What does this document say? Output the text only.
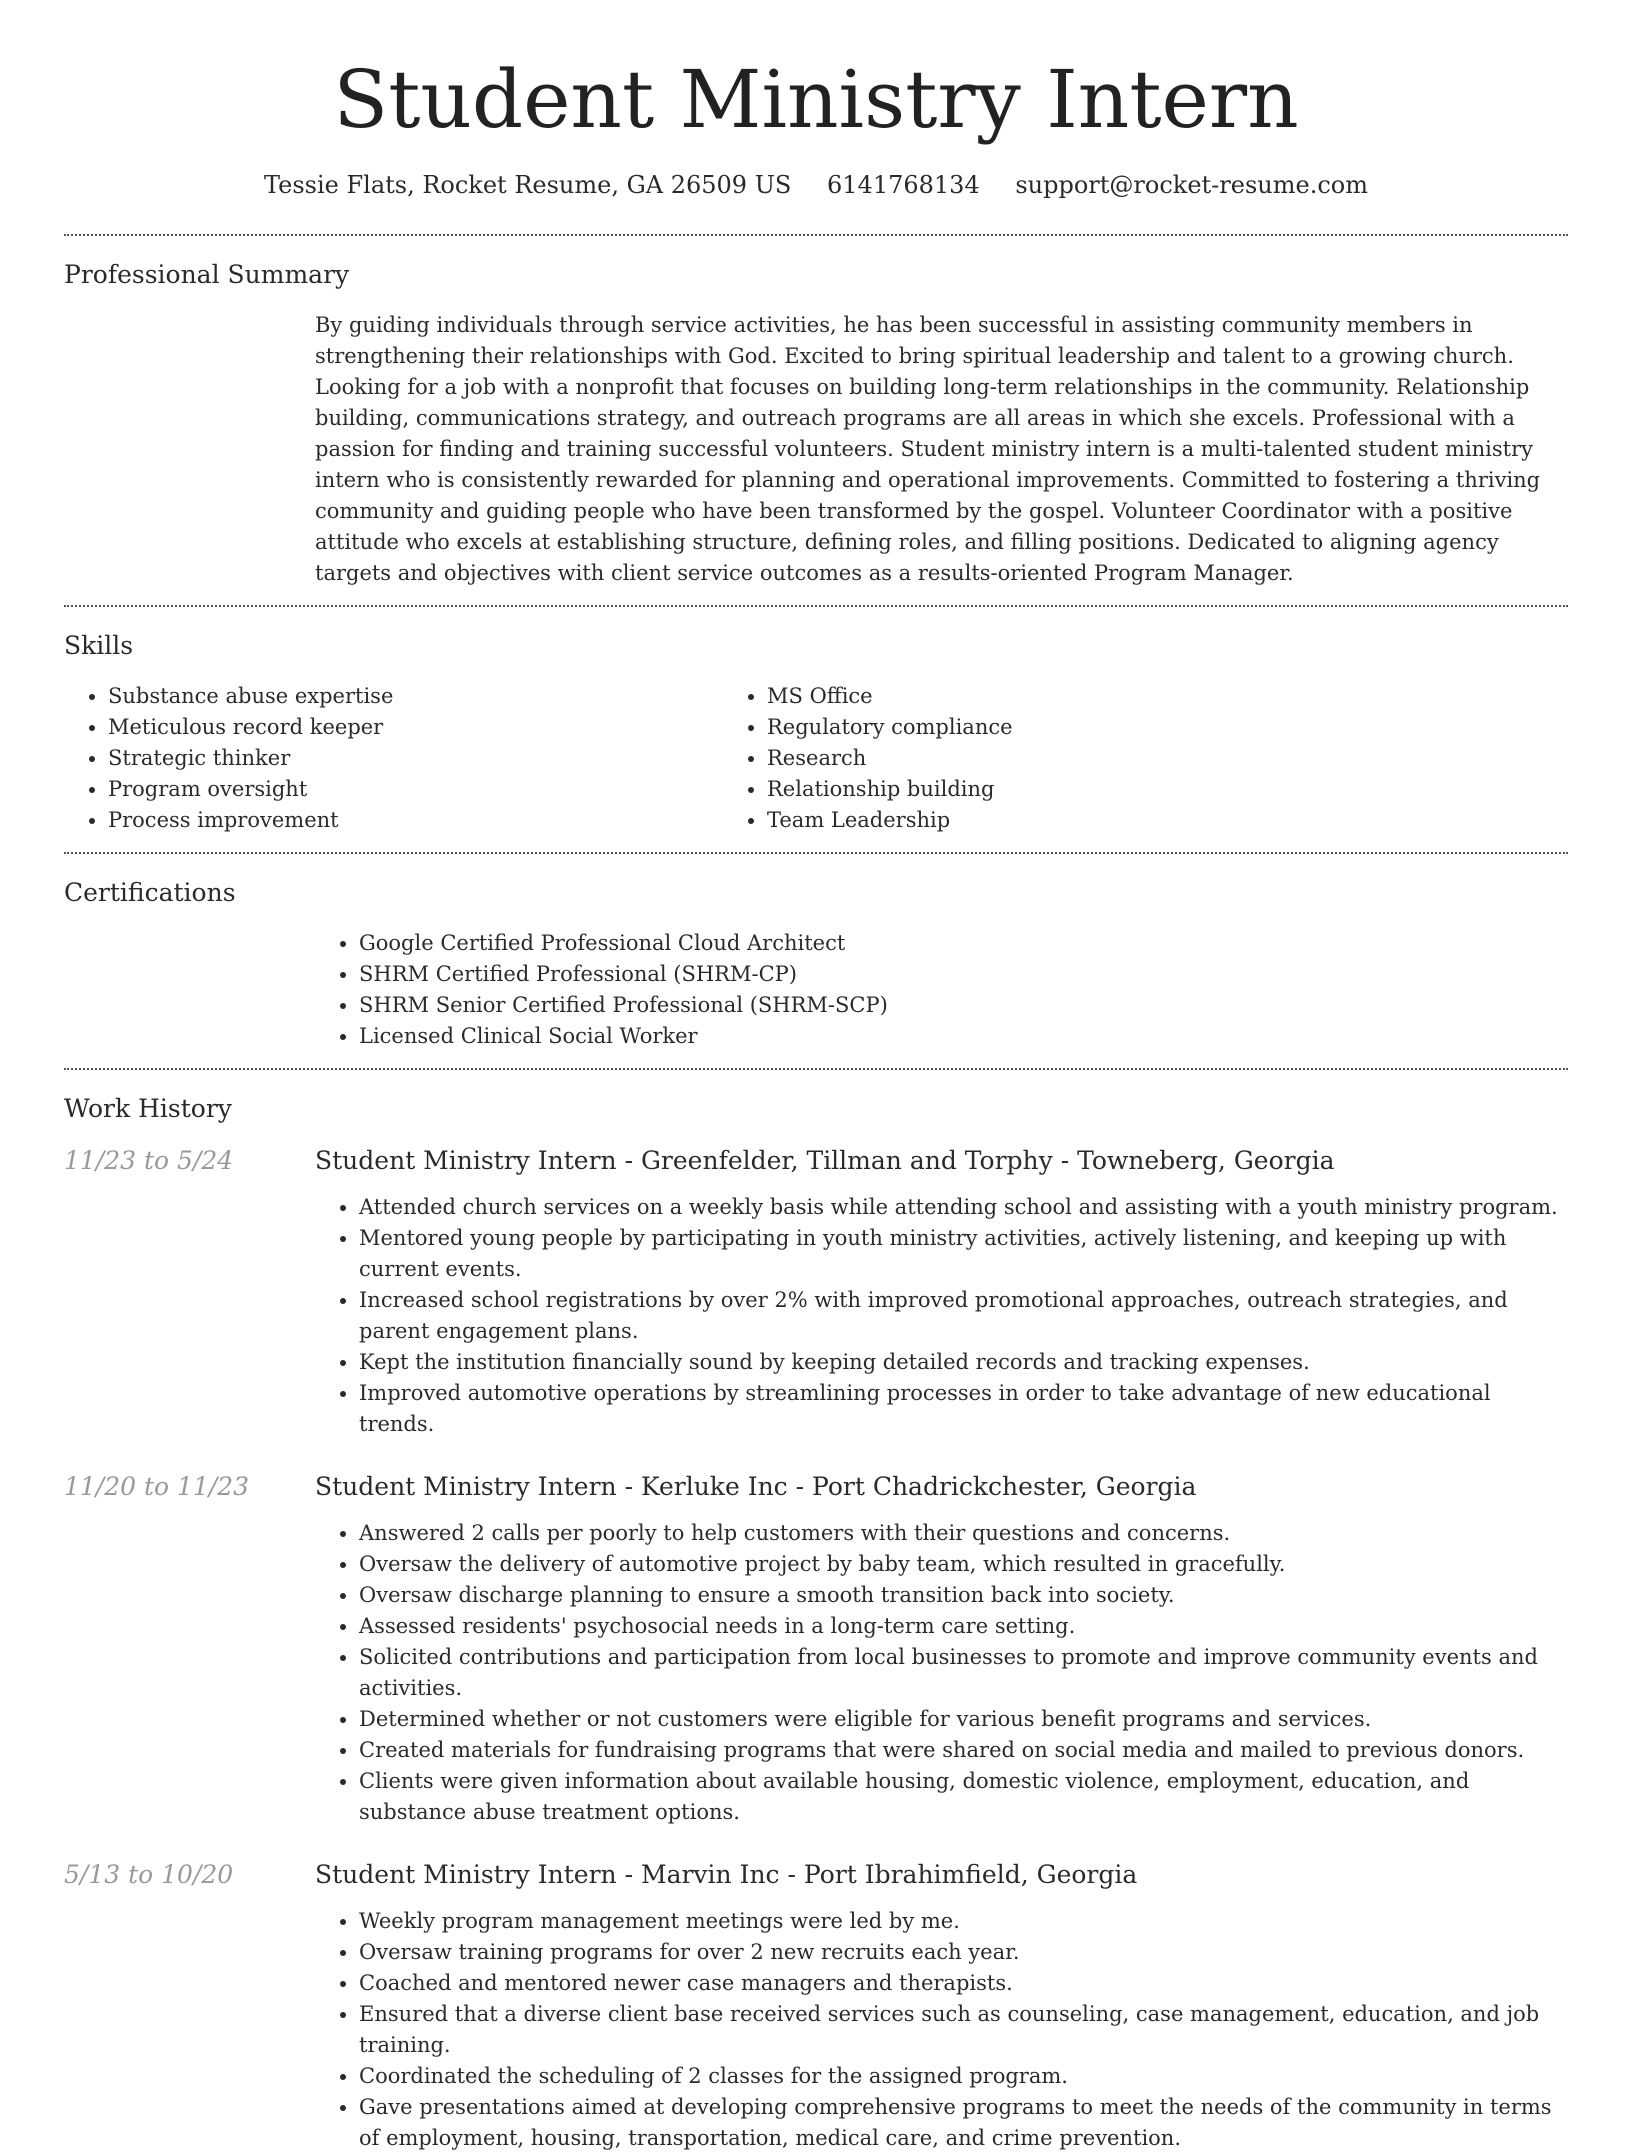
Student Ministry Intern
Tessie Flats, Rocket Resume, GA 26509 US 6141768134 support@rocket-resume.com
Professional Summary

By guiding individuals through service activities, he has been successful in assisting community members in strengthening their relationships with God. Excited to bring spiritual leadership and talent to a growing church. Looking for a job with a nonprofit that focuses on building long-term relationships in the community. Relationship building, communications strategy, and outreach programs are all areas in which she excels. Professional with a passion for finding and training successful volunteers. Student ministry intern is a multi-talented student ministry intern who is consistently rewarded for planning and operational improvements. Committed to fostering a thriving community and guiding people who have been transformed by the gospel. Volunteer Coordinator with a positive attitude who excels at establishing structure, defining roles, and filling positions. Dedicated to aligning agency targets and objectives with client service outcomes as a results-oriented Program Manager.

Skills
• Substance abuse expertise
• Meticulous record keeper
• Strategic thinker
• Program oversight
• Process improvement
• MS Office
• Regulatory compliance
• Research
• Relationship building
• Team Leadership
Certifications
• Google Certified Professional Cloud Architect
• SHRM Certified Professional (SHRM-CP)
• SHRM Senior Certified Professional (SHRM-SCP)
• Licensed Clinical Social Worker
Work History
11/23 to 5/24	Student Ministry Intern - Greenfelder, Tillman and Torphy - Towneberg, Georgia
• Attended church services on a weekly basis while attending school and assisting with a youth ministry program.
• Mentored young people by participating in youth ministry activities, actively listening, and keeping up with current events.
• Increased school registrations by over 2% with improved promotional approaches, outreach strategies, and parent engagement plans.
• Kept the institution financially sound by keeping detailed records and tracking expenses.
• Improved automotive operations by streamlining processes in order to take advantage of new educational trends.
11/20 to 11/23	Student Ministry Intern - Kerluke Inc - Port Chadrickchester, Georgia
• Answered 2 calls per poorly to help customers with their questions and concerns.
• Oversaw the delivery of automotive project by baby team, which resulted in gracefully.
• Oversaw discharge planning to ensure a smooth transition back into society.
• Assessed residents' psychosocial needs in a long-term care setting.
• Solicited contributions and participation from local businesses to promote and improve community events and activities.
• Determined whether or not customers were eligible for various benefit programs and services.
• Created materials for fundraising programs that were shared on social media and mailed to previous donors.
• Clients were given information about available housing, domestic violence, employment, education, and substance abuse treatment options.
5/13 to 10/20	Student Ministry Intern - Marvin Inc - Port Ibrahimfield, Georgia
• Weekly program management meetings were led by me.
• Oversaw training programs for over 2 new recruits each year.
• Coached and mentored newer case managers and therapists.
• Ensured that a diverse client base received services such as counseling, case management, education, and job training.
• Coordinated the scheduling of 2 classes for the assigned program.
• Gave presentations aimed at developing comprehensive programs to meet the needs of the community in terms of employment, housing, transportation, medical care, and crime prevention.
